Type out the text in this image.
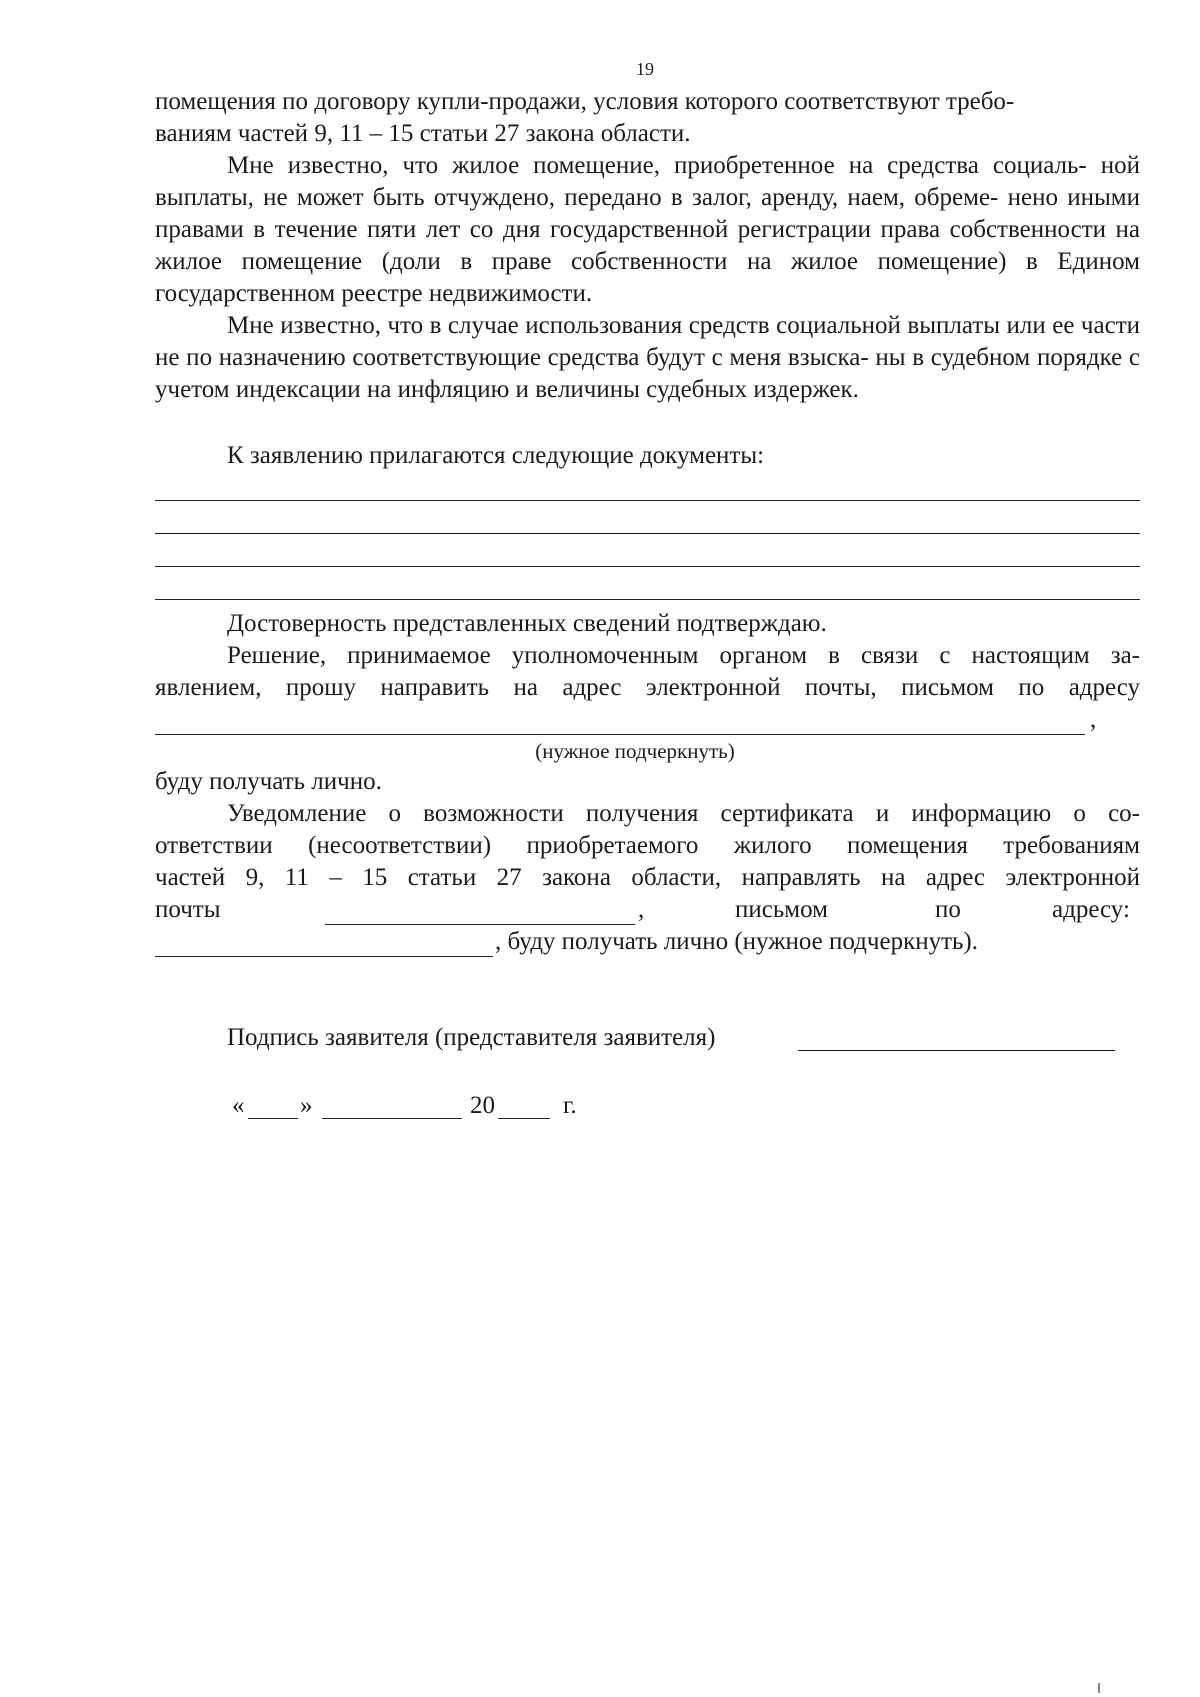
19
помещения по договору купли-продажи, условия которого соответствуют требо-
ваниям частей 9, 11 – 15 статьи 27 закона области.

Мне известно, что жилое помещение, приобретенное на средства социаль- ной выплаты, не может быть отчуждено, передано в залог, аренду, наем, обреме- нено иными правами в течение пяти лет со дня государственной регистрации права собственности на жилое помещение (доли в праве собственности на жилое помещение) в Едином государственном реестре недвижимости.

Мне известно, что в случае использования средств социальной выплаты или ее части не по назначению соответствующие средства будут с меня взыска- ны в судебном порядке с учетом индексации на инфляцию и величины судебных издержек.

К заявлению прилагаются следующие документы:
Достоверность представленных сведений подтверждаю.
Решение, принимаемое уполномоченным органом в связи с настоящим за-
явлением, прошу направить на адрес электронной почты, письмом по адресу
,
(нужное подчеркнуть)
буду получать лично.
Уведомление о возможности получения сертификата и информацию о со-
ответствии (несоответствии) приобретаемого жилого помещения требованиям
частей 9, 11 – 15 статьи 27 закона области, направлять на адрес электронной
почты	,	письмом	по	адресу:
, буду получать лично (нужное подчеркнуть).
Подпись заявителя (представителя заявителя)
« »	20	г.
